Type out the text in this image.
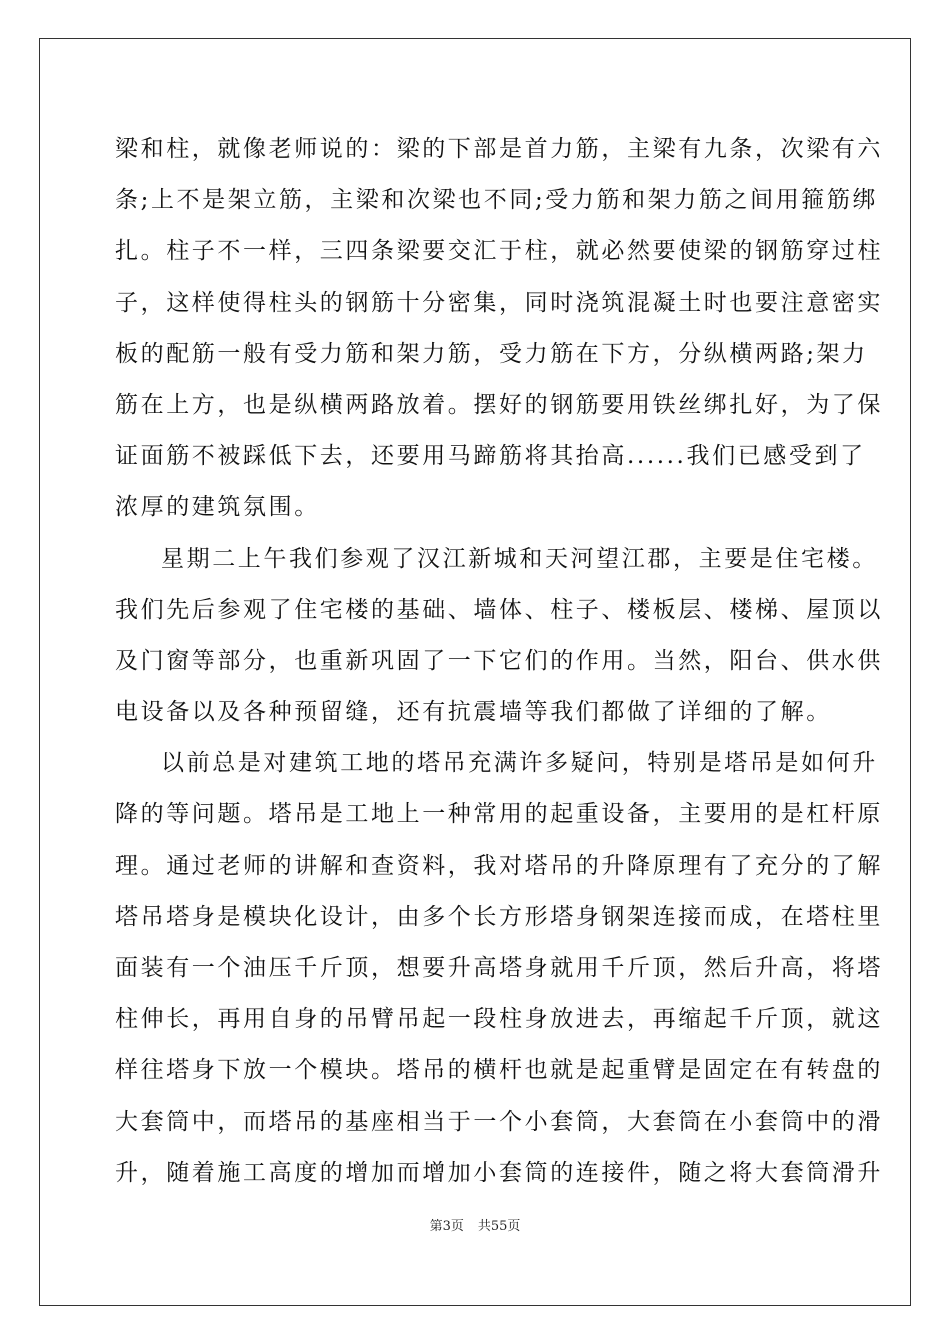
梁和柱，就像老师说的：梁的下部是首力筋，主梁有九条，次梁有六
条;上不是架立筋，主梁和次梁也不同;受力筋和架力筋之间用箍筋绑
扎。柱子不一样，三四条梁要交汇于柱，就必然要使梁的钢筋穿过柱
子，这样使得柱头的钢筋十分密集，同时浇筑混凝土时也要注意密实
板的配筋一般有受力筋和架力筋，受力筋在下方，分纵横两路;架力
筋在上方，也是纵横两路放着。摆好的钢筋要用铁丝绑扎好，为了保
证面筋不被踩低下去，还要用马蹄筋将其抬高......我们已感受到了
浓厚的建筑氛围。
星期二上午我们参观了汉江新城和天河望江郡，主要是住宅楼。
我们先后参观了住宅楼的基础、墙体、柱子、楼板层、楼梯、屋顶以
及门窗等部分，也重新巩固了一下它们的作用。当然，阳台、供水供
电设备以及各种预留缝，还有抗震墙等我们都做了详细的了解。
以前总是对建筑工地的塔吊充满许多疑问，特别是塔吊是如何升
降的等问题。塔吊是工地上一种常用的起重设备，主要用的是杠杆原
理。通过老师的讲解和查资料，我对塔吊的升降原理有了充分的了解
塔吊塔身是模块化设计，由多个长方形塔身钢架连接而成，在塔柱里
面装有一个油压千斤顶，想要升高塔身就用千斤顶，然后升高，将塔
柱伸长，再用自身的吊臂吊起一段柱身放进去，再缩起千斤顶，就这
样往塔身下放一个模块。塔吊的横杆也就是起重臂是固定在有转盘的
大套筒中，而塔吊的基座相当于一个小套筒，大套筒在小套筒中的滑
升，随着施工高度的增加而增加小套筒的连接件，随之将大套筒滑升
第3页 共55页
